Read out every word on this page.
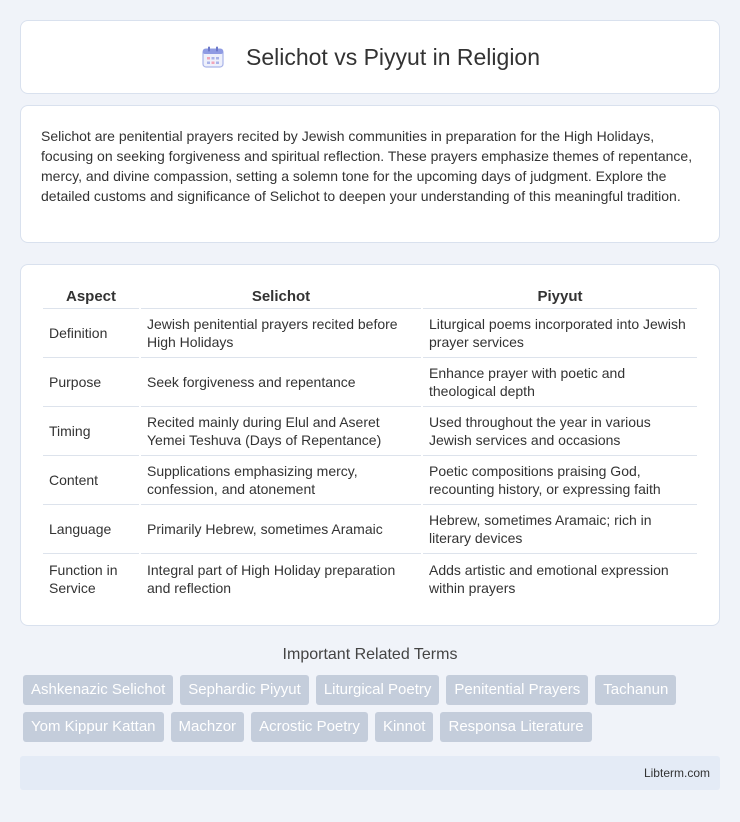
Selichot vs Piyyut in Religion

Selichot are penitential prayers recited by Jewish communities in preparation for the High Holidays, focusing on seeking forgiveness and spiritual reflection. These prayers emphasize themes of repentance, mercy, and divine compassion, setting a solemn tone for the upcoming days of judgment. Explore the detailed customs and significance of Selichot to deepen your understanding of this meaningful tradition.

Aspect	Selichot	Piyyut
Definition	Jewish penitential prayers recited before High Holidays	Liturgical poems incorporated into Jewish prayer services
Purpose	Seek forgiveness and repentance	Enhance prayer with poetic and theological depth
Timing	Recited mainly during Elul and Aseret Yemei Teshuva (Days of Repentance)	Used throughout the year in various Jewish services and occasions
Content	Supplications emphasizing mercy, confession, and atonement	Poetic compositions praising God, recounting history, or expressing faith
Language	Primarily Hebrew, sometimes Aramaic	Hebrew, sometimes Aramaic; rich in literary devices
Function in Service	Integral part of High Holiday preparation and reflection	Adds artistic and emotional expression within prayers
Important Related Terms
Ashkenazic Selichot	Sephardic Piyyut	Liturgical Poetry	Penitential Prayers	Tachanun
Yom Kippur Kattan	Machzor	Acrostic Poetry	Kinnot	Responsa Literature
Libterm.com
